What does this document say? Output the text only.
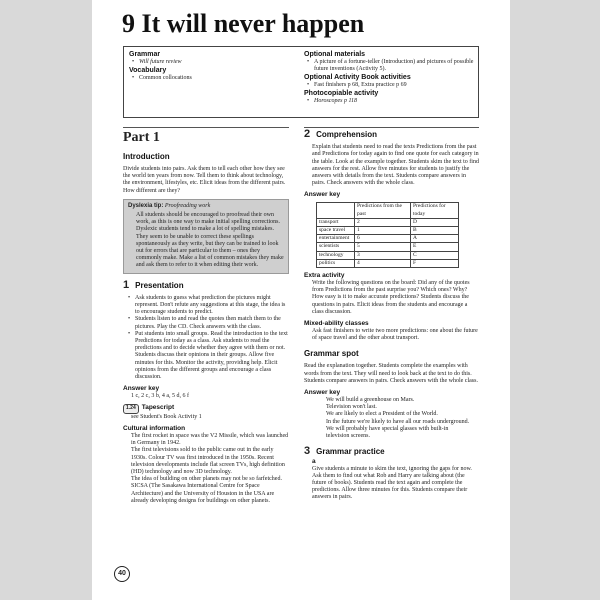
9 It will never happen
Grammar
• Will future review
Vocabulary
• Common collocations
Optional materials
• A picture of a fortune-teller (Introduction) and pictures of possible future inventions (Activity 5).
Optional Activity Book activities
• Fast finishers p 68, Extra practice p 69
Photocopiable activity
• Horoscopes p 118
Part 1
Introduction
Divide students into pairs. Ask them to tell each other how they see the world ten years from now. Tell them to think about technology, the environment, lifestyles, etc. Elicit ideas from the different pairs. How different are they?
Dyslexia tip: Proofreading work
All students should be encouraged to proofread their own work, as this is one way to make initial spelling corrections. Dyslexic students tend to make a lot of spelling mistakes. They seem to be unable to correct these spellings spontaneously as they write, but they can be trained to look out for errors that are particular to them – ones they commonly make. Make a list of common mistakes they make and ask them to refer to it when editing their work.
1 Presentation
• Ask students to guess what prediction the pictures might represent. Don't refute any suggestions at this stage, the idea is to encourage students to predict.
• Students listen to and read the quotes then match them to the pictures. Play the CD. Check answers with the class.
• Put students into small groups. Read the introduction to the text Predictions for today as a class. Ask students to read the predictions and to decide whether they agree with them or not. Students discuss their opinions in their groups. Allow five minutes for this. Monitor the activity, providing help. Elicit opinions from the different groups and encourage a class discussion.
Answer key
1 c, 2 c, 3 b, 4 a, 5 d, 6 f
1.24 Tapescript
see Student's Book Activity 1
Cultural information
The first rocket in space was the V2 Missile, which was launched in Germany in 1942.
The first televisions sold to the public came out in the early 1930s. Colour TV was first introduced in the 1950s. Recent television developments include flat screen TVs, high definition (HD) technology and now 3D technology.
The idea of building on other planets may not be so farfetched. SICSA (The Sasakawa International Centre for Space Architecture) and the University of Houston in the USA are already developing designs for buildings on other planets.
2 Comprehension
Explain that students need to read the texts Predictions from the past and Predictions for today again to find one quote for each category in the table. Look at the example together. Students skim the text to find answers for the rest. Allow five minutes for students to justify the answers with details from the text. Students compare answers in pairs. Check answers with the whole class.
Answer key
	Predictions from the past	Predictions for today
transport	2	D
space travel	1	B
entertainment	6	A
scientists	5	E
technology	3	C
politics	4	F
Extra activity
Write the following questions on the board: Did any of the quotes from Predictions from the past surprise you? Which ones? Why? How easy is it to make accurate predictions? Students discuss the questions in pairs. Elicit ideas from the students and encourage a class discussion.
Mixed-ability classes
Ask fast finishers to write two more predictions: one about the future of space travel and the other about transport.
Grammar spot
Read the explanation together. Students complete the examples with words from the text. They will need to look back at the text to do this. Students compare answers in pairs. Check answers with the whole class.
Answer key
We will build a greenhouse on Mars.
Television won't last.
We are likely to elect a President of the World.
In the future we're likely to have all our roads underground.
We will probably have special glasses with built-in
television screens.
3 Grammar practice
a
Give students a minute to skim the text, ignoring the gaps for now. Ask them to find out what Rob and Harry are talking about (the future of books). Students read the text again and complete the predictions. Allow three minutes for this. Students compare their answers in pairs.
40
